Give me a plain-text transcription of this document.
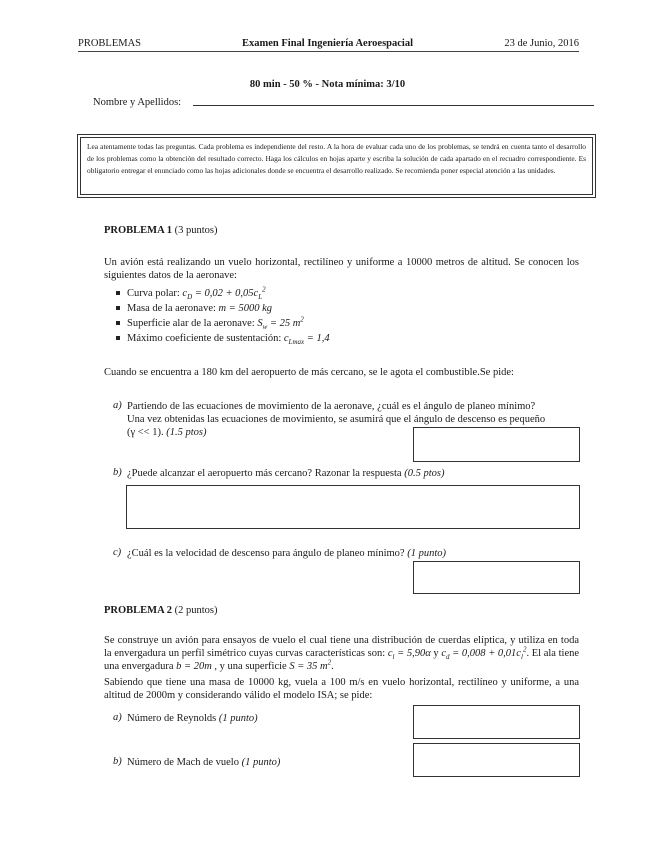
PROBLEMAS	Examen Final Ingeniería Aeroespacial	23 de Junio, 2016
80 min - 50 % - Nota mínima: 3/10
Nombre y Apellidos:
Lea atentamente todas las preguntas. Cada problema es independiente del resto. A la hora de evaluar cada uno de los problemas, se tendrá en cuenta tanto el desarrollo de los problemas como la obtención del resultado correcto. Haga los cálculos en hojas aparte y escriba la solución de cada apartado en el recuadro correspondiente. Es obligatorio entregar el enunciado como las hojas adicionales donde se encuentra el desarrollo realizado. Se recomienda poner especial atención a las unidades.
PROBLEMA 1 (3 puntos)
Un avión está realizando un vuelo horizontal, rectilíneo y uniforme a 10000 metros de altitud. Se conocen los siguientes datos de la aeronave:
Curva polar: $c_D = 0,02 + 0,05c_L^2$
Masa de la aeronave: m = 5000 kg
Superficie alar de la aeronave: $S_w = 25$ $m^2$
Máximo coeficiente de sustentación: $c_{Lmax} = 1,4$
Cuando se encuentra a 180 km del aeropuerto de más cercano, se le agota el combustible.Se pide:
a) Partiendo de las ecuaciones de movimiento de la aeronave, ¿cuál es el ángulo de planeo mínimo?
Una vez obtenidas las ecuaciones de movimiento, se asumirá que el ángulo de descenso es pequeño
(γ << 1). (1.5 ptos)
b) ¿Puede alcanzar el aeropuerto más cercano? Razonar la respuesta (0.5 ptos)
c) ¿Cuál es la velocidad de descenso para ángulo de planeo mínimo? (1 punto)
PROBLEMA 2 (2 puntos)
Se construye un avión para ensayos de vuelo el cual tiene una distribución de cuerdas elíptica, y utiliza en toda la envergadura un perfil simétrico cuyas curvas características son: $c_l = 5,90\alpha$ y $c_d = 0,008 + 0,01c_l^2$. El ala tiene una envergadura b = 20m , y una superficie S = 35 $m^2$.
Sabiendo que tiene una masa de 10000 kg, vuela a 100 m/s en vuelo horizontal, rectilíneo y uniforme, a una altitud de 2000m y considerando válido el modelo ISA; se pide:
a) Número de Reynolds (1 punto)
b) Número de Mach de vuelo (1 punto)
